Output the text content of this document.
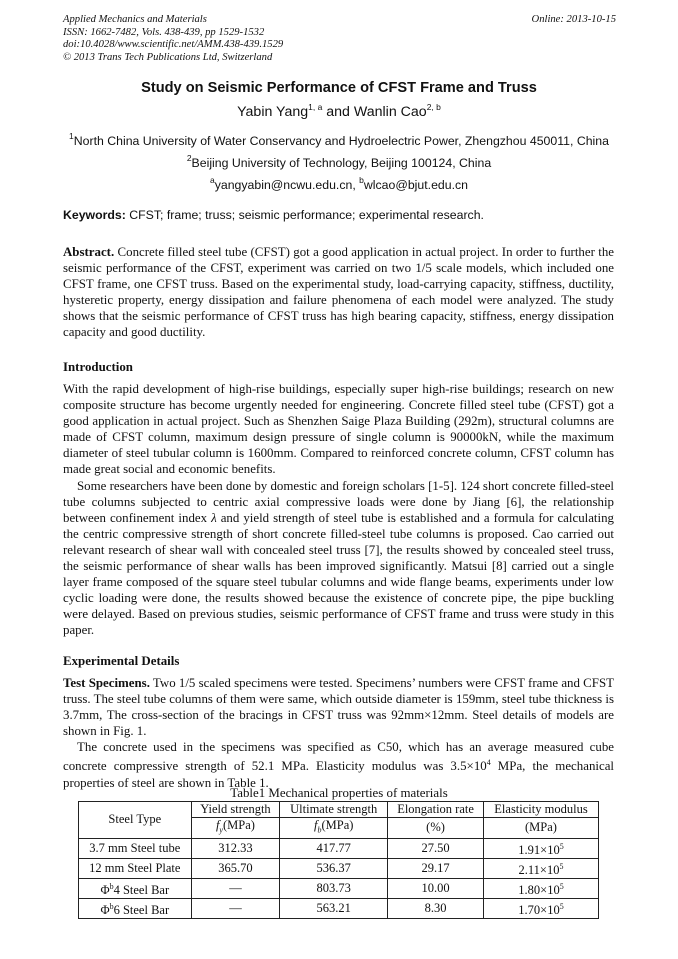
Applied Mechanics and Materials
ISSN: 1662-7482, Vols. 438-439, pp 1529-1532
doi:10.4028/www.scientific.net/AMM.438-439.1529
© 2013 Trans Tech Publications Ltd, Switzerland
Online: 2013-10-15
Study on Seismic Performance of CFST Frame and Truss
Yabin Yang$^{1, a}$ and Wanlin Cao$^{2, b}$
$^1$North China University of Water Conservancy and Hydroelectric Power, Zhengzhou 450011, China
$^2$Beijing University of Technology, Beijing 100124, China
$^a$yangyabin@ncwu.edu.cn, $^b$wlcao@bjut.edu.cn
Keywords: CFST; frame; truss; seismic performance; experimental research.

Abstract. Concrete filled steel tube (CFST) got a good application in actual project. In order to further the seismic performance of the CFST, experiment was carried on two 1/5 scale models, which included one CFST frame, one CFST truss. Based on the experimental study, load-carrying capacity, stiffness, ductility, hysteretic property, energy dissipation and failure phenomena of each model were analyzed. The study shows that the seismic performance of CFST truss has high bearing capacity, stiffness, energy dissipation capacity and good ductility.

Introduction

With the rapid development of high-rise buildings, especially super high-rise buildings; research on new composite structure has become urgently needed for engineering. Concrete filled steel tube (CFST) got a good application in actual project. Such as Shenzhen Saige Plaza Building (292m), structural columns are made of CFST column, maximum design pressure of single column is 90000kN, while the maximum diameter of steel tubular column is 1600mm. Compared to reinforced concrete column, CFST column has made great social and economic benefits.

Some researchers have been done by domestic and foreign scholars [1-5]. 124 short concrete filled-steel tube columns subjected to centric axial compressive loads were done by Jiang [6], the relationship between confinement index λ and yield strength of steel tube is established and a formula for calculating the centric compressive strength of short concrete filled-steel tube columns is proposed. Cao carried out relevant research of shear wall with concealed steel truss [7], the results showed by concealed steel truss, the seismic performance of shear walls has been improved significantly. Matsui [8] carried out a single layer frame composed of the square steel tubular columns and wide flange beams, experiments under low cyclic loading were done, the results showed because the existence of concrete pipe, the pipe buckling were delayed. Based on previous studies, seismic performance of CFST frame and truss were study in this paper.

Experimental Details

Test Specimens. Two 1/5 scaled specimens were tested. Specimens’ numbers were CFST frame and CFST truss. The steel tube columns of them were same, which outside diameter is 159mm, steel tube thickness is 3.7mm, The cross-section of the bracings in CFST truss was 92mm×12mm. Steel details of models are shown in Fig. 1.

The concrete used in the specimens was specified as C50, which has an average measured cube concrete compressive strength of 52.1 MPa. Elasticity modulus was $3.5\times 10^4$ MPa, the mechanical properties of steel are shown in Table 1.

Table1 Mechanical properties of materials
Steel Type	Yield strength	Ultimate strength	Elongation rate	Elasticity modulus
	$f_y(MPa)$	$f_b(MPa)$	(%)	(MPa)
3.7 mm Steel tube	312.33	417.77	27.50	$1.91\times 10^5$
12 mm Steel Plate	365.70	536.37	29.17	$2.11\times 10^5$
$\Phi^b4$ Steel Bar	—	803.73	10.00	$1.80\times 10^5$
$\Phi^b6$ Steel Bar	—	563.21	8.30	$1.70\times 10^5$
